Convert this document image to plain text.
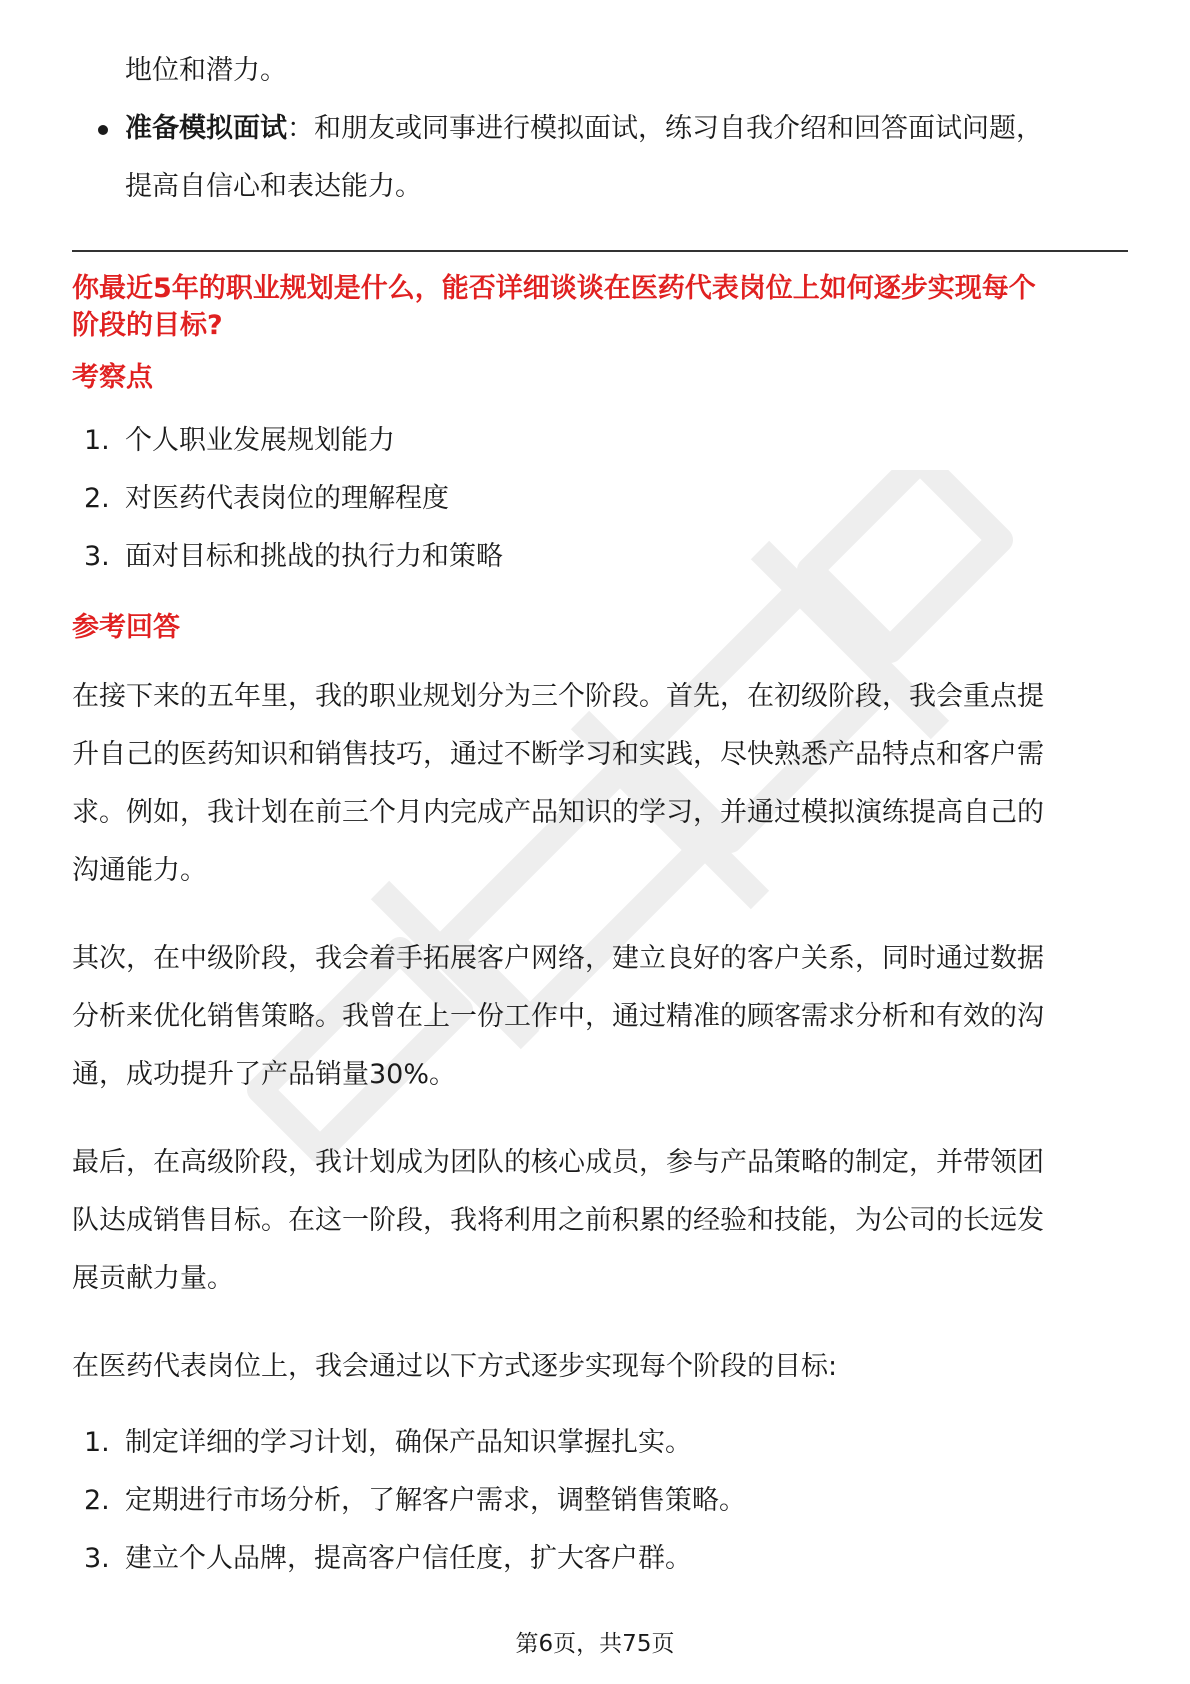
地位和潜力。

准备模拟面试：和朋友或同事进行模拟面试，练习自我介绍和回答面试问题，

提高自信心和表达能力。

你最近5年的职业规划是什么，能否详细谈谈在医药代表岗位上如何逐步实现每个

阶段的目标?

考察点

1. 个人职业发展规划能力
2. 对医药代表岗位的理解程度
3. 面对目标和挑战的执行力和策略

参考回答

在接下来的五年里，我的职业规划分为三个阶段。首先，在初级阶段，我会重点提

升自己的医药知识和销售技巧，通过不断学习和实践，尽快熟悉产品特点和客户需

求。例如，我计划在前三个月内完成产品知识的学习，并通过模拟演练提高自己的

沟通能力。

其次，在中级阶段，我会着手拓展客户网络，建立良好的客户关系，同时通过数据

分析来优化销售策略。我曾在上一份工作中，通过精准的顾客需求分析和有效的沟

通，成功提升了产品销量30%。

最后，在高级阶段，我计划成为团队的核心成员，参与产品策略的制定，并带领团

队达成销售目标。在这一阶段，我将利用之前积累的经验和技能，为公司的长远发

展贡献力量。

在医药代表岗位上，我会通过以下方式逐步实现每个阶段的目标:

1. 制定详细的学习计划，确保产品知识掌握扎实。
2. 定期进行市场分析，了解客户需求，调整销售策略。
3. 建立个人品牌，提高客户信任度，扩大客户群。
第6页，共75页
